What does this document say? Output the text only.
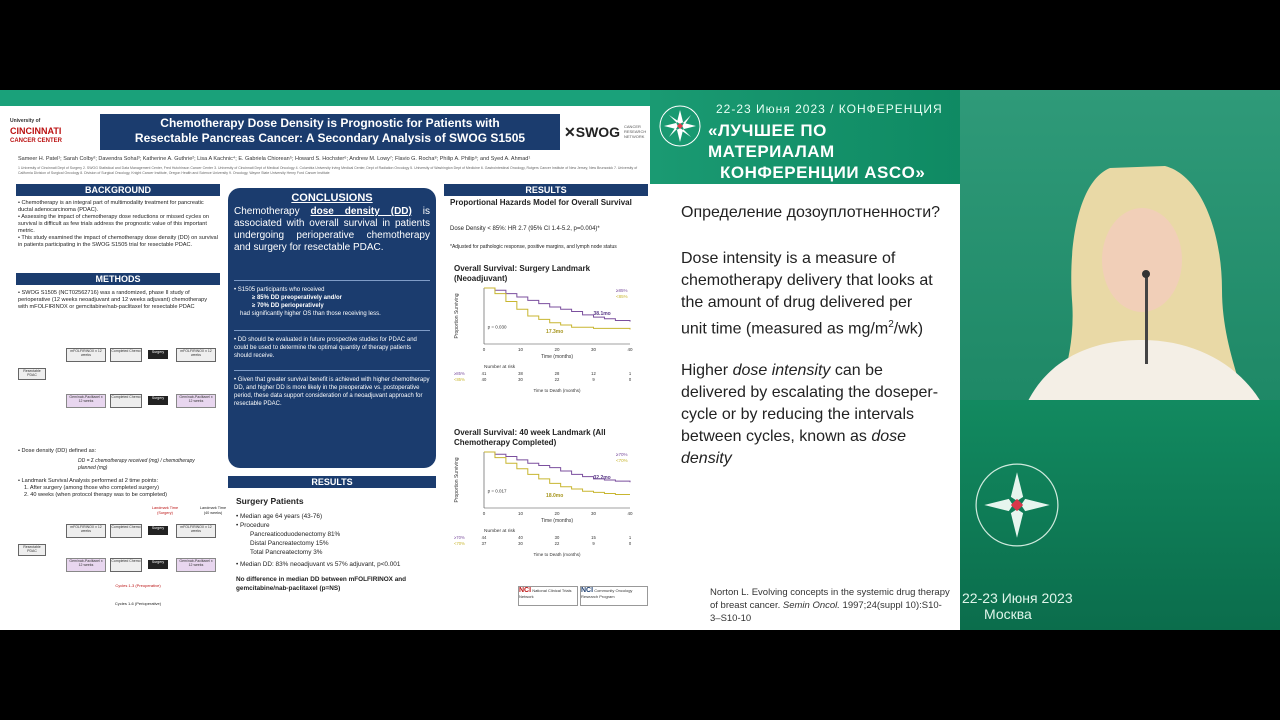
22-23 Июня 2023 / КОНФЕРЕНЦИЯ
«ЛУЧШЕЕ ПО МАТЕРИАЛАМ
КОНФЕРЕНЦИИ ASCO»
University of
CINCINNATI
CANCER CENTER
Chemotherapy Dose Density is Prognostic for Patients with
Resectable Pancreas Cancer: A Secondary Analysis of SWOG S1505	✕SWOG CANCER RESEARCH NETWORK
Sameer H. Patel¹; Sarah Colby²; Davendra Sohal³; Katherine A. Guthrie²; Lisa A Kachnic⁴; E. Gabriela Chiorean⁵; Howard S. Hochster⁶; Andrew M. Lowy⁷; Flavio G. Rocha⁸; Philip A. Philip⁹; and Syed A. Ahmad¹
1 University of Cincinnati Dept of Surgery 2. SWOG Statistical and Data Management Center, Fred Hutchinson Cancer Center 3. University of Cincinnati Dept of Medical Oncology 4. Columbia University Irving Medical Center, Dept of Radiation Oncology 5. University of Washington Dept of Medicine 6. Gastrointestinal Oncology, Rutgers Cancer Institute of New Jersey, New Brunswick 7. University of California Division of Surgical Oncology 8. Division of Surgical Oncology, Knight Cancer Institute, Oregon Health and Science University 9. Oncology, Wayne State University Henry Ford Cancer Institute
BACKGROUND
• Chemotherapy is an integral part of multimodality treatment for pancreatic ductal adenocarcinoma (PDAC).
• Assessing the impact of chemotherapy dose reductions or missed cycles on survival is difficult as few trials address the prognostic value of this important metric.
• This study examined the impact of chemotherapy dose density (DD) on survival in patients participating in the SWOG S1505 trial for resectable PDAC.
METHODS
• SWOG S1505 (NCT02562716) was a randomized, phase II study of perioperative (12 weeks neoadjuvant and 12 weeks adjuvant) chemotherapy with mFOLFIRINOX or gemcitabine/nab-paclitaxel for resectable PDAC
Resectable PDAC
mFOLFIRINOX x 12 weeks
Gem/nab-Paclitaxel x 12 weeks
Completed Chemo
Completed Chemo
Surgery
Surgery
mFOLFIRINOX x 12 weeks
Gem/nab-Paclitaxel x 12 weeks
• Dose density (DD) defined as:
DD = Σ chemotherapy received (mg) / chemotherapy planned (mg)
• Landmark Survival Analysis performed at 2 time points:
1. After surgery (among those who completed surgery)
2. 40 weeks (when protocol therapy was to be completed)
Landmark Time (Surgery)
Landmark Time (40 weeks)
Resectable PDAC
mFOLFIRINOX x 12 weeks
Gem/nab-Paclitaxel x 12 weeks
Completed Chemo
Completed Chemo
Surgery
Surgery
mFOLFIRINOX x 12 weeks
Gem/nab-Paclitaxel x 12 weeks
Cycles 1-3 (Preoperative)
Cycles 1-6 (Perioperative)
CONCLUSIONS
Chemotherapy dose density (DD) is associated with overall survival in patients undergoing perioperative chemotherapy and surgery for resectable PDAC.
• S1505 participants who received
≥ 85% DD preoperatively and/or
≥ 70% DD perioperatively
had significantly higher OS than those receiving less.
• DD should be evaluated in future prospective studies for PDAC and could be used to determine the optimal quantity of therapy patients should receive.
• Given that greater survival benefit is achieved with higher chemotherapy DD, and higher DD is more likely in the preoperative vs. postoperative period, these data support consideration of a neoadjuvant approach for resectable PDAC.
RESULTS
Surgery Patients
• Median age 64 years (43-76)
• Procedure
Pancreaticoduodenectomy 81%
Distal Pancreatectomy 15%
Total Pancreatectomy 3%
• Median DD: 83% neoadjuvant vs 57% adjuvant, p<0.001
No difference in median DD between mFOLFIRINOX and gemcitabine/nab-paclitaxel (p=NS)
RESULTS
Proportional Hazards Model for Overall Survival
Dose Density < 85%: HR 2.7 (95% CI 1.4-5.2, p=0.004)*
*Adjusted for pathologic response, positive margins, and lymph node status
Overall Survival: Surgery Landmark (Neoadjuvant)
Proportion Surviving
0	10	20	30	40
Time (months)
≥85%
<85%
38.1mo
17.3mo
p = 0.030
Number at risk
≥85%	41	38	28	12	1
<85%	40	30	22	9	0
Time to Death (months)
Overall Survival: 40 week Landmark (All Chemotherapy Completed)
Proportion Surviving
0	10	20	30	40
Time (months)
≥70%
<70%
32.2mo
18.0mo
p = 0.017
Number at risk
≥70%	44	40	30	15	1
<70%	37	30	22	9	0
Time to Death (months)
NCI National Clinical Trials Network
NCI Community Oncology Research Program
Определение дозоуплотненности?
Dose intensity is a measure of
chemotherapy delivery that looks at
the amount of drug delivered per
unit time (measured as $mg/m^2/wk$)
Higher dose intensity can be
delivered by escalating the doseper-
cycle or by reducing the intervals
between cycles, known as dose
density
Norton L. Evolving concepts in the systemic drug therapy of breast cancer. Semin Oncol. 1997;24(suppl 10):S10-3–S10-10
22-23 Июня 2023
Москва
